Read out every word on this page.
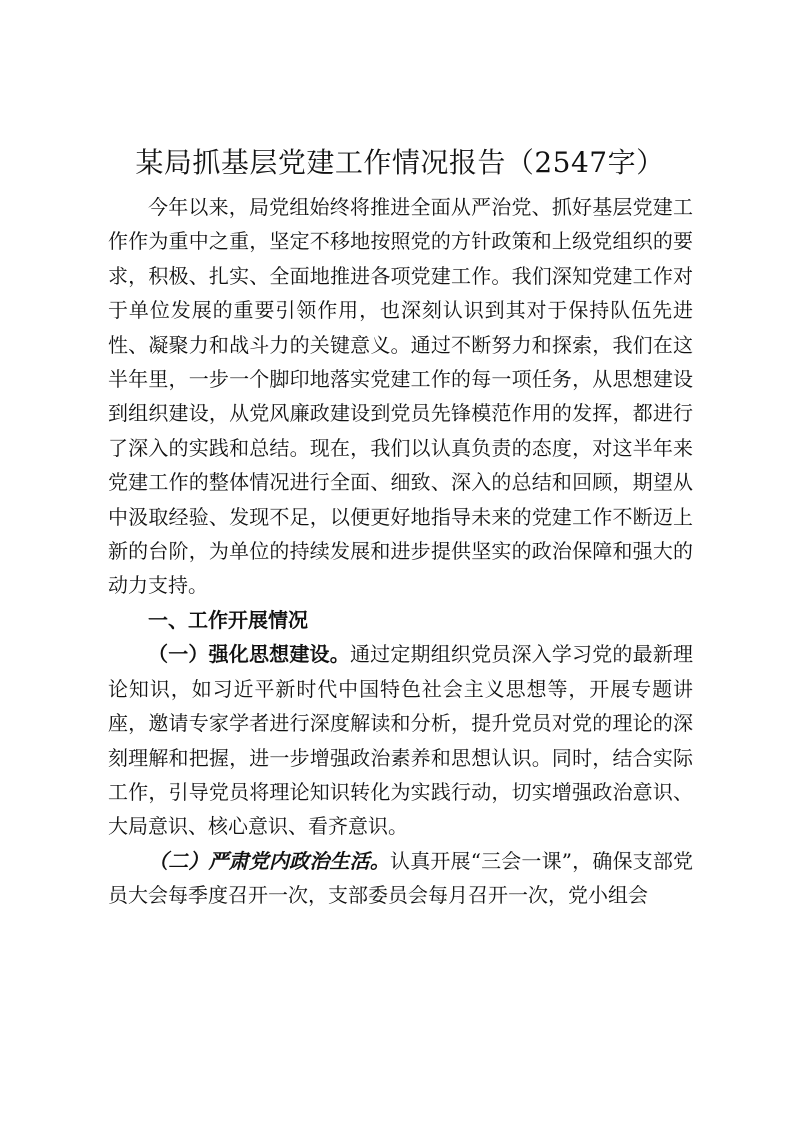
某局抓基层党建工作情况报告（2547字）

今年以来，局党组始终将推进全面从严治党、抓好基层党建工作作为重中之重，坚定不移地按照党的方针政策和上级党组织的要求，积极、扎实、全面地推进各项党建工作。我们深知党建工作对于单位发展的重要引领作用，也深刻认识到其对于保持队伍先进性、凝聚力和战斗力的关键意义。通过不断努力和探索，我们在这半年里，一步一个脚印地落实党建工作的每一项任务，从思想建设到组织建设，从党风廉政建设到党员先锋模范作用的发挥，都进行了深入的实践和总结。现在，我们以认真负责的态度，对这半年来党建工作的整体情况进行全面、细致、深入的总结和回顾，期望从中汲取经验、发现不足，以便更好地指导未来的党建工作不断迈上新的台阶，为单位的持续发展和进步提供坚实的政治保障和强大的动力支持。

一、工作开展情况

（一）强化思想建设。通过定期组织党员深入学习党的最新理论知识，如习近平新时代中国特色社会主义思想等，开展专题讲座，邀请专家学者进行深度解读和分析，提升党员对党的理论的深刻理解和把握，进一步增强政治素养和思想认识。同时，结合实际工作，引导党员将理论知识转化为实践行动，切实增强政治意识、大局意识、核心意识、看齐意识。

（二）严肃党内政治生活。认真开展“三会一课”，确保支部党员大会每季度召开一次，支部委员会每月召开一次，党小组会
